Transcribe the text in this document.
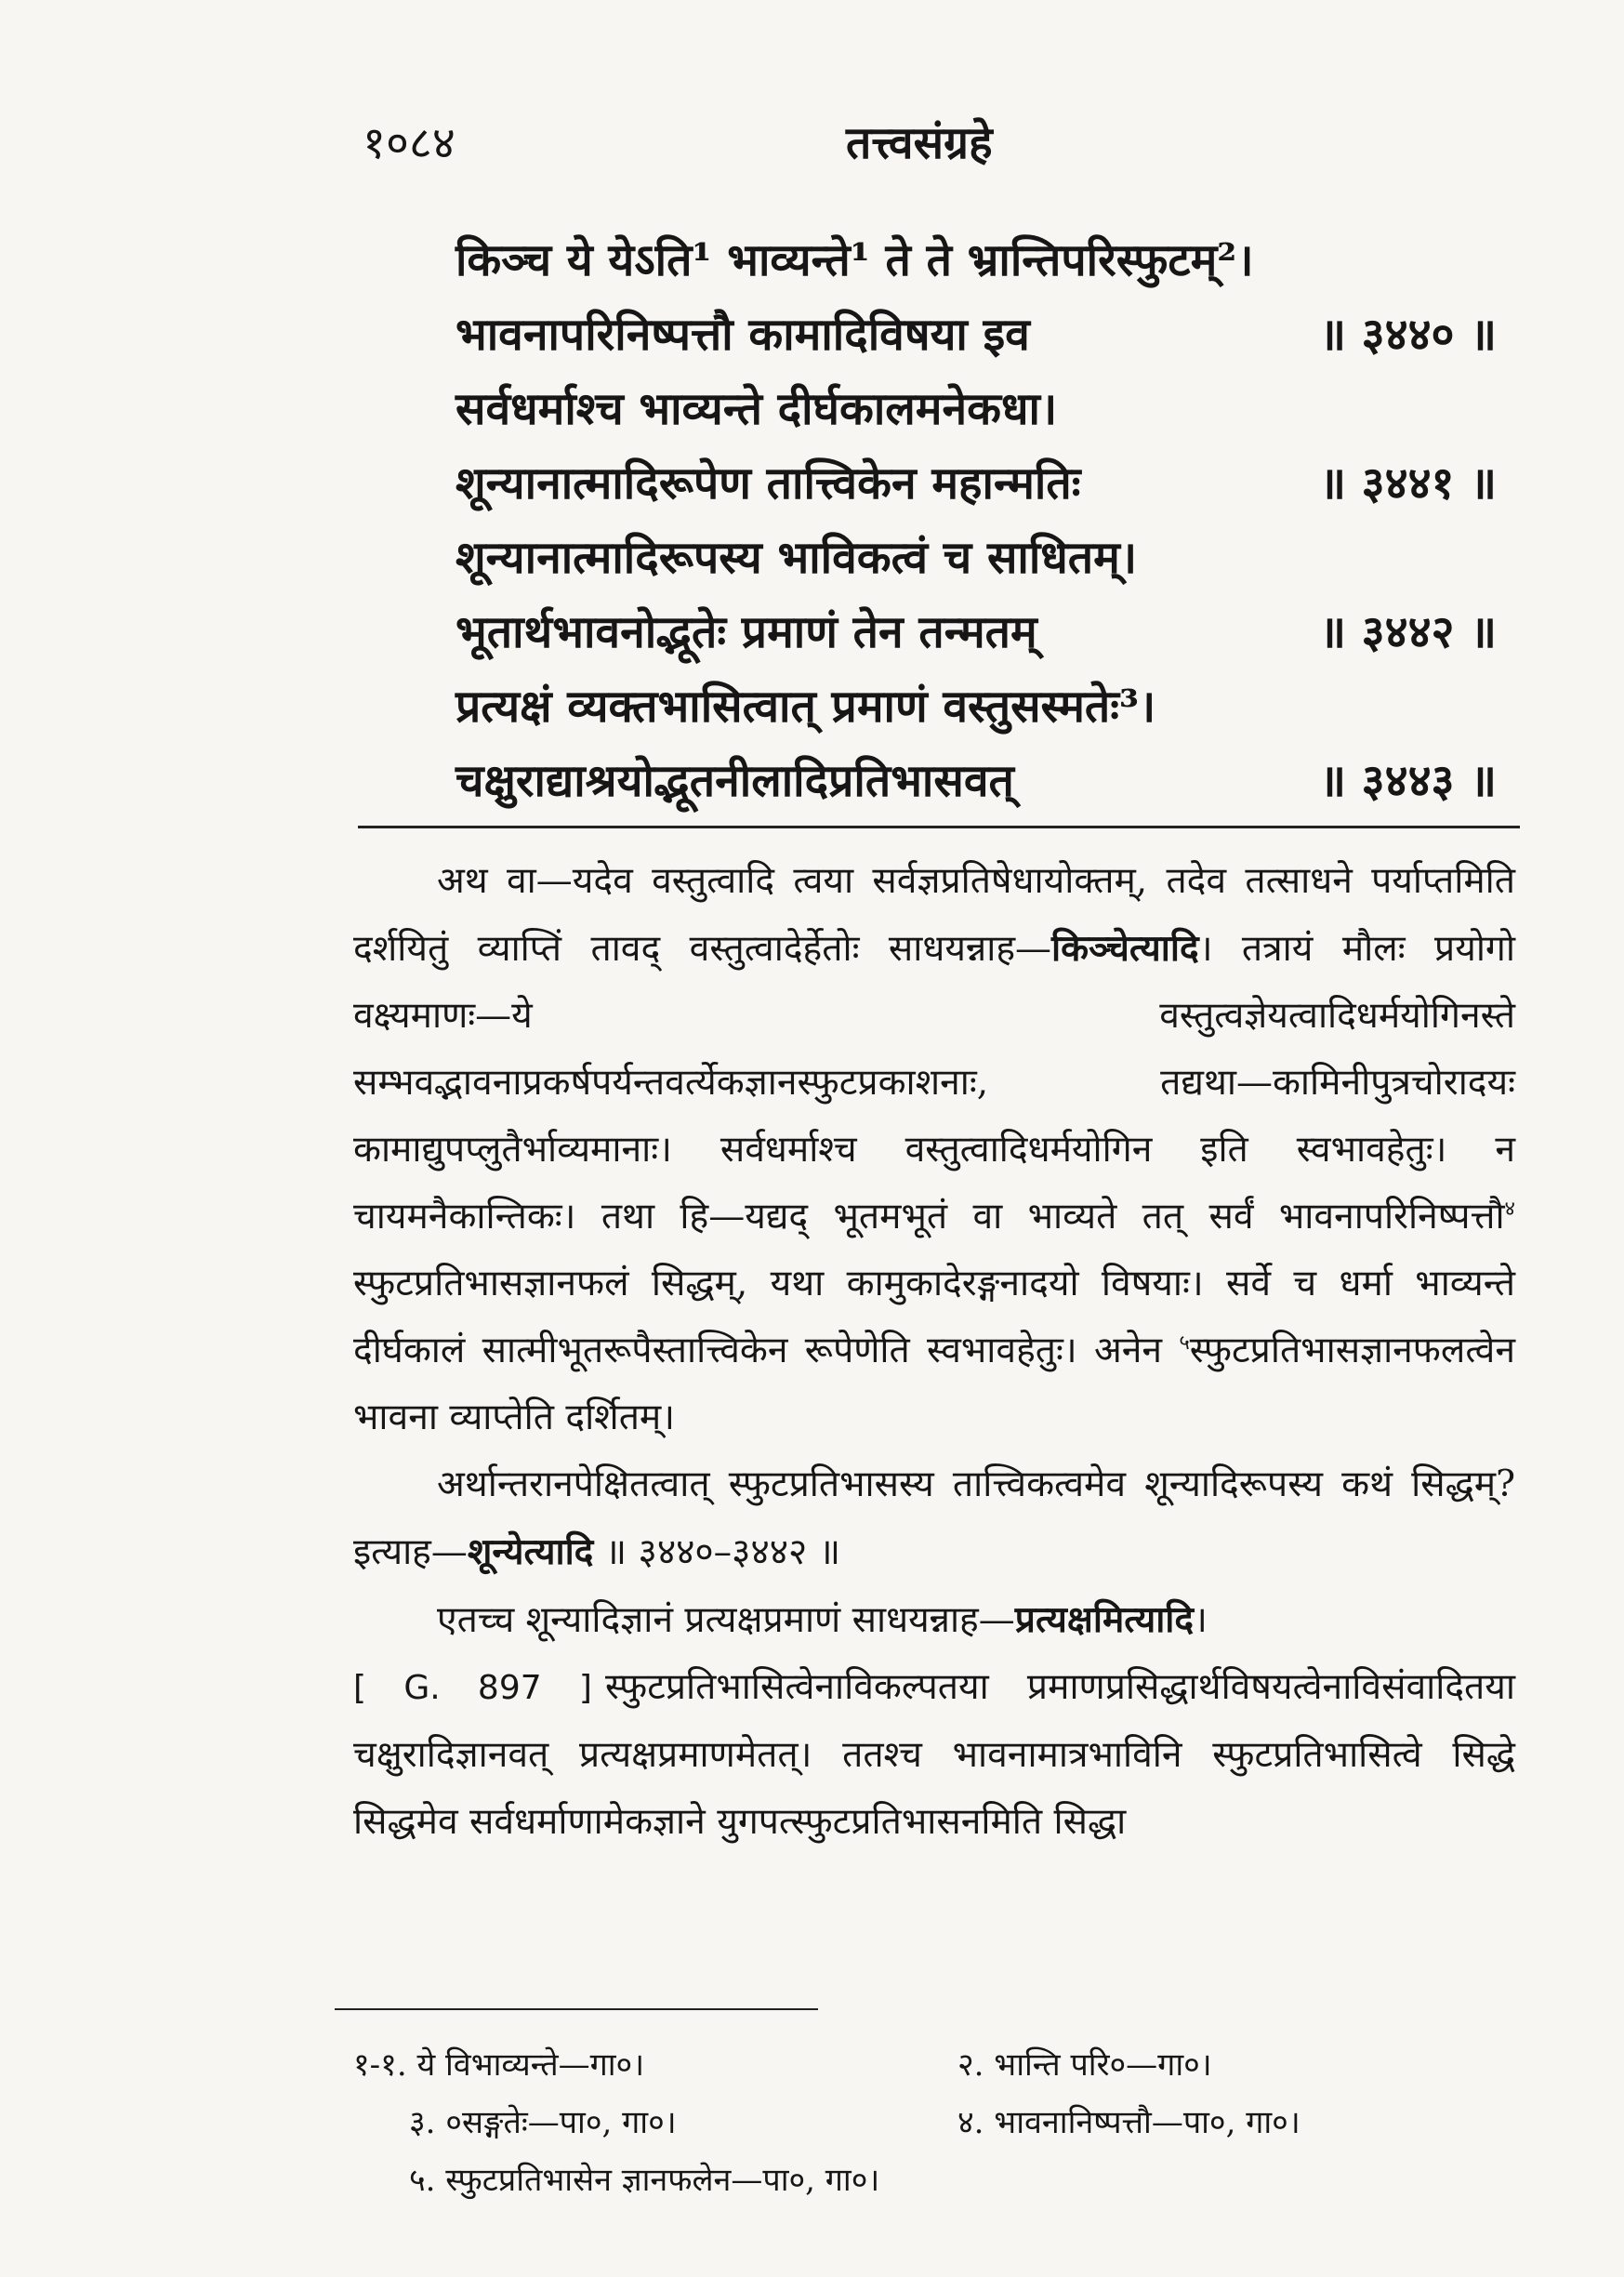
१०८४	तत्त्वसंग्रहे
किञ्च ये येऽति¹ भाव्यन्ते¹ ते ते भ्रान्तिपरिस्फुटम्²।
भावनापरिनिष्पत्तौ कामादिविषया इव	॥ ३४४० ॥
सर्वधर्माश्च भाव्यन्ते दीर्घकालमनेकधा।
शून्यानात्मादिरूपेण तात्त्विकेन महान्मतिः	॥ ३४४१ ॥
शून्यानात्मादिरूपस्य भाविकत्वं च साधितम्।
भूतार्थभावनोद्भूतेः प्रमाणं तेन तन्मतम्	॥ ३४४२ ॥
प्रत्यक्षं व्यक्तभासित्वात् प्रमाणं वस्तुसस्मतेः³।
चक्षुराद्याश्रयोद्भूतनीलादिप्रतिभासवत्	॥ ३४४३ ॥

अथ वा—यदेव वस्तुत्वादि त्वया सर्वज्ञप्रतिषेधायोक्तम्, तदेव तत्साधने पर्याप्तमिति दर्शयितुं व्याप्तिं तावद् वस्तुत्वादेर्हेतोः साधयन्नाह—किञ्चेत्यादि। तत्रायं मौलः प्रयोगो वक्ष्यमाणः—ये वस्तुत्वज्ञेयत्वादिधर्मयोगिनस्ते सम्भवद्भावनाप्रकर्षपर्यन्तवर्त्येकज्ञानस्फुटप्रकाशनाः, तद्यथा—कामिनीपुत्रचोरादयः कामाद्युपप्लुतैर्भाव्यमानाः। सर्वधर्माश्च वस्तुत्वादिधर्मयोगिन इति स्वभावहेतुः। न चायमनैकान्तिकः। तथा हि—यद्यद् भूतमभूतं वा भाव्यते तत् सर्वं भावनापरिनिष्पत्तौ$^४$ स्फुटप्रतिभासज्ञानफलं सिद्धम्, यथा कामुकादेरङ्गनादयो विषयाः। सर्वे च धर्मा भाव्यन्ते दीर्घकालं सात्मीभूतरूपैस्तात्त्विकेन रूपेणेति स्वभावहेतुः। अनेन $^५$स्फुटप्रतिभासज्ञानफलत्वेन भावना व्याप्तेति दर्शितम्।

अर्थान्तरानपेक्षितत्वात् स्फुटप्रतिभासस्य तात्त्विकत्वमेव शून्यादिरूपस्य कथं सिद्धम्? इत्याह—शून्येत्यादि ॥ ३४४०–३४४२ ॥

एतच्च शून्यादिज्ञानं प्रत्यक्षप्रमाणं साधयन्नाह—प्रत्यक्षमित्यादि।

[ G. 897 ] स्फुटप्रतिभासित्वेनाविकल्पतया प्रमाणप्रसिद्धार्थविषयत्वेनाविसंवादितया चक्षुरादिज्ञानवत् प्रत्यक्षप्रमाणमेतत्। ततश्च भावनामात्रभाविनि स्फुटप्रतिभासित्वे सिद्धे सिद्धमेव सर्वधर्माणामेकज्ञाने युगपत्स्फुटप्रतिभासनमिति सिद्धा

१-१. ये विभाव्यन्ते—गा०।	२. भान्ति परि०—गा०।
३. ०सङ्गतेः—पा०, गा०।	४. भावनानिष्पत्तौ—पा०, गा०।
५. स्फुटप्रतिभासेन ज्ञानफलेन—पा०, गा०।
